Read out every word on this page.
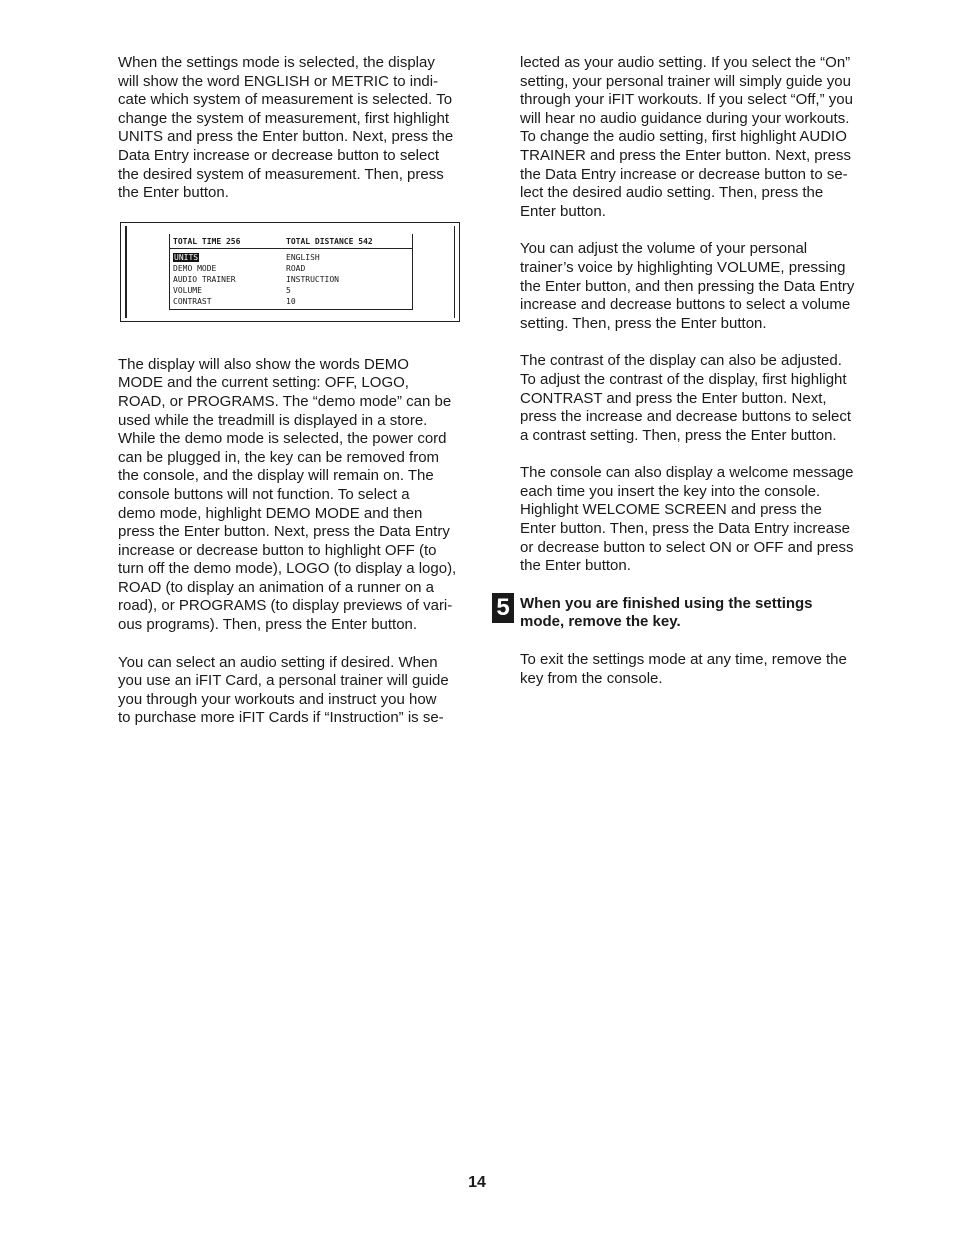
When the settings mode is selected, the display
will show the word ENGLISH or METRIC to indi-
cate which system of measurement is selected. To
change the system of measurement, first highlight
UNITS and press the Enter button. Next, press the
Data Entry increase or decrease button to select
the desired system of measurement. Then, press
the Enter button.

TOTAL TIME 256	TOTAL DISTANCE 542
UNITS	ENGLISH
DEMO MODE	ROAD
AUDIO TRAINER	INSTRUCTION
VOLUME	5
CONTRAST	10

The display will also show the words DEMO
MODE and the current setting: OFF, LOGO,
ROAD, or PROGRAMS. The “demo mode” can be
used while the treadmill is displayed in a store.
While the demo mode is selected, the power cord
can be plugged in, the key can be removed from
the console, and the display will remain on. The
console buttons will not function. To select a
demo mode, highlight DEMO MODE and then
press the Enter button. Next, press the Data Entry
increase or decrease button to highlight OFF (to
turn off the demo mode), LOGO (to display a logo),
ROAD (to display an animation of a runner on a
road), or PROGRAMS (to display previews of vari-
ous programs). Then, press the Enter button.

You can select an audio setting if desired. When
you use an iFIT Card, a personal trainer will guide
you through your workouts and instruct you how
to purchase more iFIT Cards if “Instruction” is se-

lected as your audio setting. If you select the “On”
setting, your personal trainer will simply guide you
through your iFIT workouts. If you select “Off,” you
will hear no audio guidance during your workouts.
To change the audio setting, first highlight AUDIO
TRAINER and press the Enter button. Next, press
the Data Entry increase or decrease button to se-
lect the desired audio setting. Then, press the
Enter button.

You can adjust the volume of your personal
trainer’s voice by highlighting VOLUME, pressing
the Enter button, and then pressing the Data Entry
increase and decrease buttons to select a volume
setting. Then, press the Enter button.

The contrast of the display can also be adjusted.
To adjust the contrast of the display, first highlight
CONTRAST and press the Enter button. Next,
press the increase and decrease buttons to select
a contrast setting. Then, press the Enter button.

The console can also display a welcome message
each time you insert the key into the console.
Highlight WELCOME SCREEN and press the
Enter button. Then, press the Data Entry increase
or decrease button to select ON or OFF and press
the Enter button.

5 When you are finished using the settings
mode, remove the key.

To exit the settings mode at any time, remove the
key from the console.

14
